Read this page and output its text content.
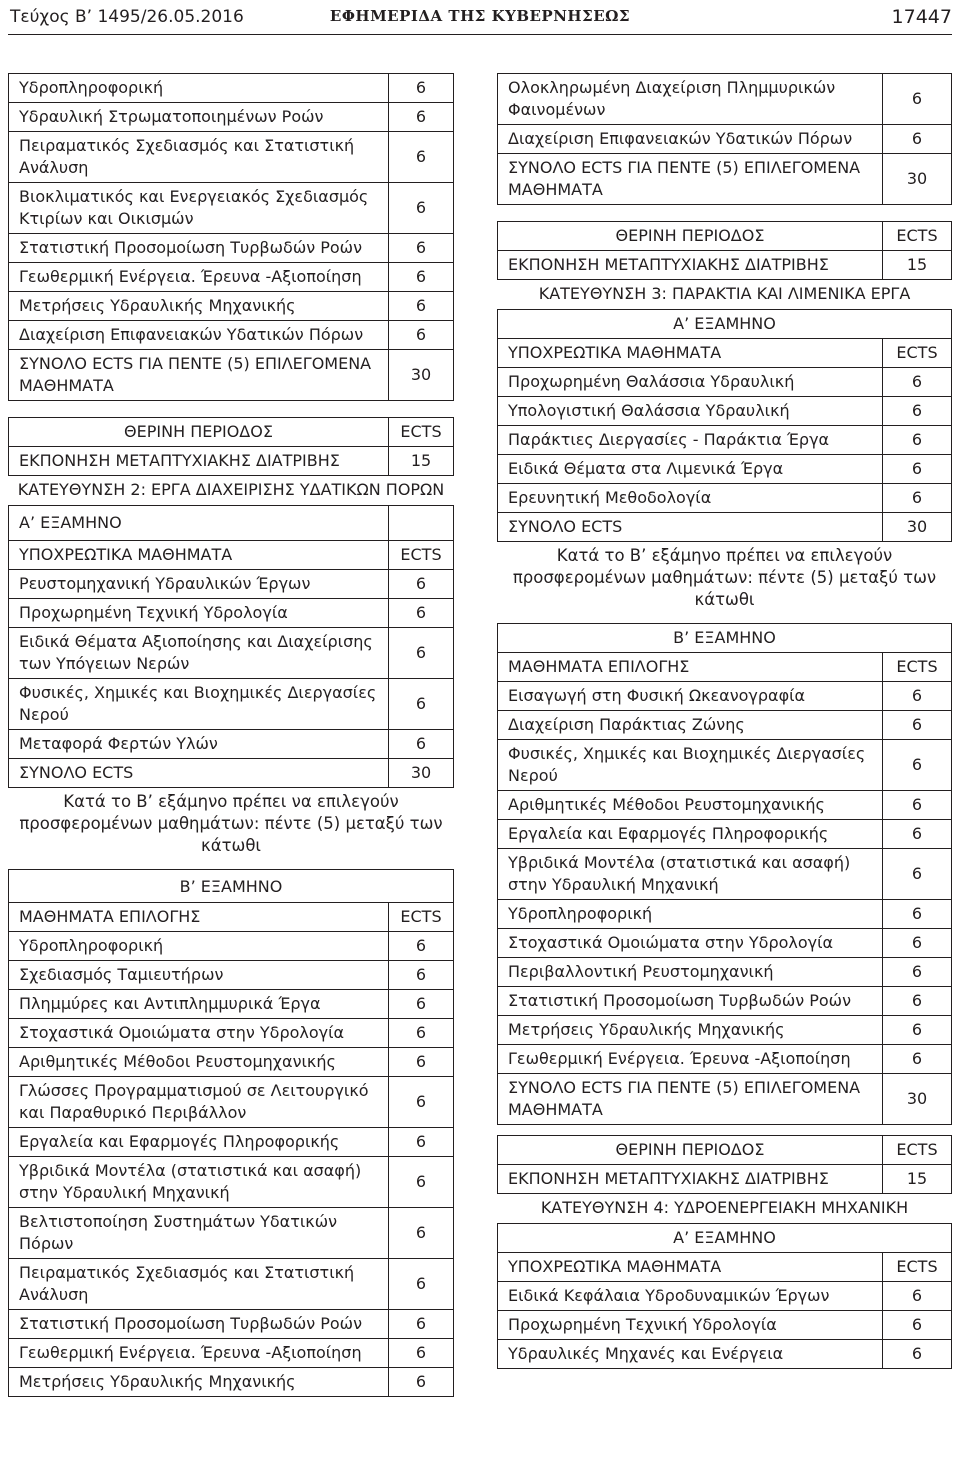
Τεύχος Β’ 1495/26.05.2016	ΕΦΗΜΕΡΙΔΑ ΤΗΣ ΚΥΒΕΡΝΗΣΕΩΣ	17447
Υδροπληροφορική	6
Υδραυλική Στρωματοποιημένων Ροών	6
Πειραματικός Σχεδιασμός και Στατιστική Ανάλυση	6
Βιοκλιματικός και Ενεργειακός Σχεδιασμός Κτιρίων και Οικισμών	6
Στατιστική Προσομοίωση Τυρβωδών Ροών	6
Γεωθερμική Ενέργεια. Έρευνα -Αξιοποίηση	6
Μετρήσεις Υδραυλικής Μηχανικής	6
Διαχείριση Επιφανειακών Υδατικών Πόρων	6
ΣΥΝΟΛΟ ECTS ΓΙΑ ΠΕΝΤΕ (5) ΕΠΙΛΕΓΟΜΕΝΑ ΜΑΘΗΜΑΤΑ	30
ΘΕΡΙΝΗ ΠΕΡΙΟΔΟΣ	ECTS
ΕΚΠΟΝΗΣΗ ΜΕΤΑΠΤΥΧΙΑΚΗΣ ΔΙΑΤΡΙΒΗΣ	15
ΚΑΤΕΥΘΥΝΣΗ 2: ΕΡΓΑ ΔΙΑΧΕΙΡΙΣΗΣ ΥΔΑΤΙΚΩΝ ΠΟΡΩΝ
Α’ ΕΞΑΜΗΝΟ	
ΥΠΟΧΡΕΩΤΙΚΑ ΜΑΘΗΜΑΤΑ	ECTS
Ρευστομηχανική Υδραυλικών Έργων	6
Προχωρημένη Τεχνική Υδρολογία	6
Ειδικά Θέματα Αξιοποίησης και Διαχείρισης των Υπόγειων Νερών	6
Φυσικές, Χημικές και Βιοχημικές Διεργασίες Νερού	6
Μεταφορά Φερτών Υλών	6
ΣΥΝΟΛΟ ECTS	30
Κατά το Β’ εξάμηνο πρέπει να επιλεγούν προσφερομένων μαθημάτων: πέντε (5) μεταξύ των κάτωθι
Β’ ΕΞΑΜΗΝΟ	
ΜΑΘΗΜΑΤΑ ΕΠΙΛΟΓΗΣ	ECTS
Υδροπληροφορική	6
Σχεδιασμός Ταμιευτήρων	6
Πλημμύρες και Αντιπλημμυρικά Έργα	6
Στοχαστικά Ομοιώματα στην Υδρολογία	6
Αριθμητικές Μέθοδοι Ρευστομηχανικής	6
Γλώσσες Προγραμματισμού σε Λειτουργικό και Παραθυρικό Περιβάλλον	6
Εργαλεία και Εφαρμογές Πληροφορικής	6
Υβριδικά Μοντέλα (στατιστικά και ασαφή) στην Υδραυλική Μηχανική	6
Βελτιστοποίηση Συστημάτων Υδατικών Πόρων	6
Πειραματικός Σχεδιασμός και Στατιστική Ανάλυση	6
Στατιστική Προσομοίωση Τυρβωδών Ροών	6
Γεωθερμική Ενέργεια. Έρευνα -Αξιοποίηση	6
Μετρήσεις Υδραυλικής Μηχανικής	6
Ολοκληρωμένη Διαχείριση Πλημμυρικών Φαινομένων	6
Διαχείριση Επιφανειακών Υδατικών Πόρων	6
ΣΥΝΟΛΟ ECTS ΓΙΑ ΠΕΝΤΕ (5) ΕΠΙΛΕΓΟΜΕΝΑ ΜΑΘΗΜΑΤΑ	30
ΘΕΡΙΝΗ ΠΕΡΙΟΔΟΣ	ECTS
ΕΚΠΟΝΗΣΗ ΜΕΤΑΠΤΥΧΙΑΚΗΣ ΔΙΑΤΡΙΒΗΣ	15
ΚΑΤΕΥΘΥΝΣΗ 3: ΠΑΡΑΚΤΙΑ ΚΑΙ ΛΙΜΕΝΙΚΑ ΕΡΓΑ
Α’ ΕΞΑΜΗΝΟ	
ΥΠΟΧΡΕΩΤΙΚΑ ΜΑΘΗΜΑΤΑ	ECTS
Προχωρημένη Θαλάσσια Υδραυλική	6
Υπολογιστική Θαλάσσια Υδραυλική	6
Παράκτιες Διεργασίες - Παράκτια Έργα	6
Ειδικά Θέματα στα Λιμενικά Έργα	6
Ερευνητική Μεθοδολογία	6
ΣΥΝΟΛΟ ECTS	30
Κατά το Β’ εξάμηνο πρέπει να επιλεγούν προσφερομένων μαθημάτων: πέντε (5) μεταξύ των κάτωθι
Β’ ΕΞΑΜΗΝΟ	
ΜΑΘΗΜΑΤΑ ΕΠΙΛΟΓΗΣ	ECTS
Εισαγωγή στη Φυσική Ωκεανογραφία	6
Διαχείριση Παράκτιας Ζώνης	6
Φυσικές, Χημικές και Βιοχημικές Διεργασίες Νερού	6
Αριθμητικές Μέθοδοι Ρευστομηχανικής	6
Εργαλεία και Εφαρμογές Πληροφορικής	6
Υβριδικά Μοντέλα (στατιστικά και ασαφή) στην Υδραυλική Μηχανική	6
Υδροπληροφορική	6
Στοχαστικά Ομοιώματα στην Υδρολογία	6
Περιβαλλοντική Ρευστομηχανική	6
Στατιστική Προσομοίωση Τυρβωδών Ροών	6
Μετρήσεις Υδραυλικής Μηχανικής	6
Γεωθερμική Ενέργεια. Έρευνα -Αξιοποίηση	6
ΣΥΝΟΛΟ ECTS ΓΙΑ ΠΕΝΤΕ (5) ΕΠΙΛΕΓΟΜΕΝΑ ΜΑΘΗΜΑΤΑ	30
ΘΕΡΙΝΗ ΠΕΡΙΟΔΟΣ	ECTS
ΕΚΠΟΝΗΣΗ ΜΕΤΑΠΤΥΧΙΑΚΗΣ ΔΙΑΤΡΙΒΗΣ	15
ΚΑΤΕΥΘΥΝΣΗ 4: ΥΔΡΟΕΝΕΡΓΕΙΑΚΗ ΜΗΧΑΝΙΚΗ
Α’ ΕΞΑΜΗΝΟ	
ΥΠΟΧΡΕΩΤΙΚΑ ΜΑΘΗΜΑΤΑ	ECTS
Ειδικά Κεφάλαια Υδροδυναμικών Έργων	6
Προχωρημένη Τεχνική Υδρολογία	6
Υδραυλικές Μηχανές και Ενέργεια	6
